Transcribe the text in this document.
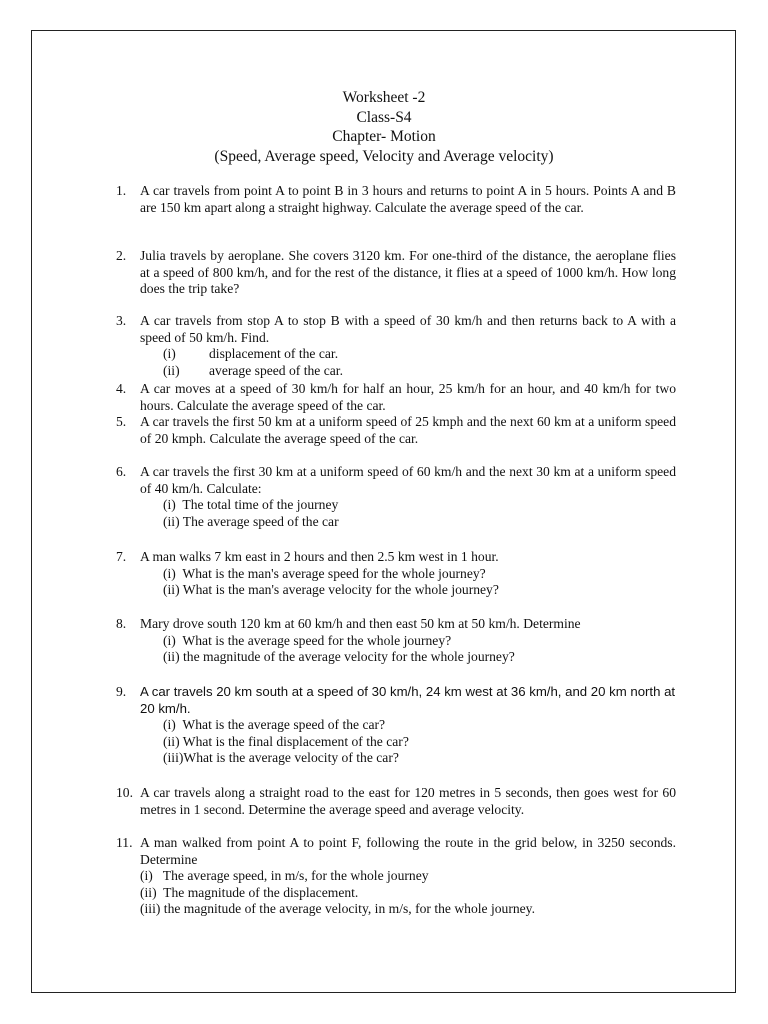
Worksheet -2
Class-S4
Chapter- Motion
(Speed, Average speed, Velocity and Average velocity)
1. A car travels from point A to point B in 3 hours and returns to point A in 5 hours. Points A and B are 150 km apart along a straight highway. Calculate the average speed of the car.
2. Julia travels by aeroplane. She covers 3120 km. For one-third of the distance, the aeroplane flies at a speed of 800 km/h, and for the rest of the distance, it flies at a speed of 1000 km/h. How long does the trip take?
3. A car travels from stop A to stop B with a speed of 30 km/h and then returns back to A with a speed of 50 km/h. Find.
(i) displacement of the car.
(ii) average speed of the car.
4. A car moves at a speed of 30 km/h for half an hour, 25 km/h for an hour, and 40 km/h for two hours. Calculate the average speed of the car.
5. A car travels the first 50 km at a uniform speed of 25 kmph and the next 60 km at a uniform speed of 20 kmph. Calculate the average speed of the car.
6. A car travels the first 30 km at a uniform speed of 60 km/h and the next 30 km at a uniform speed of 40 km/h. Calculate:
(i) The total time of the journey
(ii) The average speed of the car
7. A man walks 7 km east in 2 hours and then 2.5 km west in 1 hour.
(i) What is the man's average speed for the whole journey?
(ii) What is the man's average velocity for the whole journey?
8. Mary drove south 120 km at 60 km/h and then east 50 km at 50 km/h. Determine
(i) What is the average speed for the whole journey?
(ii) the magnitude of the average velocity for the whole journey?
9. A car travels 20 km south at a speed of 30 km/h, 24 km west at 36 km/h, and 20 km north at 20 km/h.
(i) What is the average speed of the car?
(ii) What is the final displacement of the car?
(iii)What is the average velocity of the car?
10. A car travels along a straight road to the east for 120 metres in 5 seconds, then goes west for 60 metres in 1 second. Determine the average speed and average velocity.
11. A man walked from point A to point F, following the route in the grid below, in 3250 seconds. Determine
(i) The average speed, in m/s, for the whole journey
(ii) The magnitude of the displacement.
(iii) the magnitude of the average velocity, in m/s, for the whole journey.
